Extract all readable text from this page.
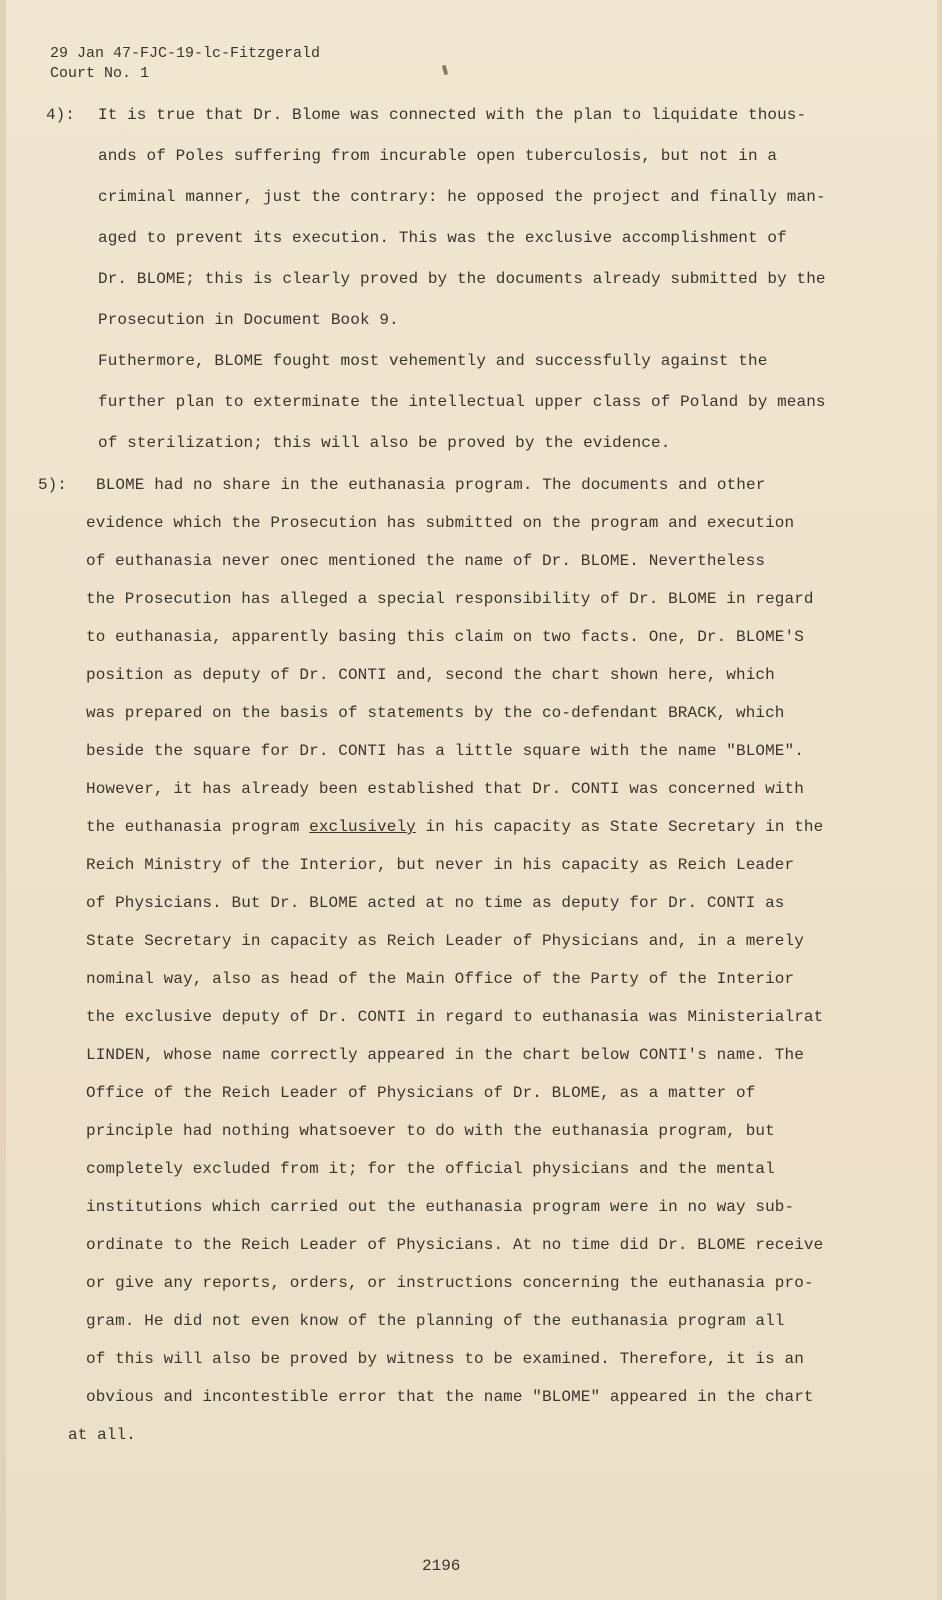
29 Jan 47-FJC-19-lc-Fitzgerald
Court No. 1
4): It is true that Dr. Blome was connected with the plan to liquidate thous-
ands of Poles suffering from incurable open tuberculosis, but not in a
criminal manner, just the contrary: he opposed the project and finally man-
aged to prevent its execution. This was the exclusive accomplishment of
Dr. BLOME; this is clearly proved by the documents already submitted by the
Prosecution in Document Book 9.
Futhermore, BLOME fought most vehemently and successfully against the
further plan to exterminate the intellectual upper class of Poland by means
of sterilization; this will also be proved by the evidence.
5): BLOME had no share in the euthanasia program. The documents and other
evidence which the Prosecution has submitted on the program and execution
of euthanasia never onec mentioned the name of Dr. BLOME. Nevertheless
the Prosecution has alleged a special responsibility of Dr. BLOME in regard
to euthanasia, apparently basing this claim on two facts. One, Dr. BLOME'S
position as deputy of Dr. CONTI and, second the chart shown here, which
was prepared on the basis of statements by the co-defendant BRACK, which
beside the square for Dr. CONTI has a little square with the name "BLOME".
However, it has already been established that Dr. CONTI was concerned with
the euthanasia program exclusively in his capacity as State Secretary in the
Reich Ministry of the Interior, but never in his capacity as Reich Leader
of Physicians. But Dr. BLOME acted at no time as deputy for Dr. CONTI as
State Secretary in capacity as Reich Leader of Physicians and, in a merely
nominal way, also as head of the Main Office of the Party of the Interior
the exclusive deputy of Dr. CONTI in regard to euthanasia was Ministerialrat
LINDEN, whose name correctly appeared in the chart below CONTI's name. The
Office of the Reich Leader of Physicians of Dr. BLOME, as a matter of
principle had nothing whatsoever to do with the euthanasia program, but
completely excluded from it; for the official physicians and the mental
institutions which carried out the euthanasia program were in no way sub-
ordinate to the Reich Leader of Physicians. At no time did Dr. BLOME receive
or give any reports, orders, or instructions concerning the euthanasia pro-
gram. He did not even know of the planning of the euthanasia program all
of this will also be proved by witness to be examined. Therefore, it is an
obvious and incontestible error that the name "BLOME" appeared in the chart
at all.
2196
